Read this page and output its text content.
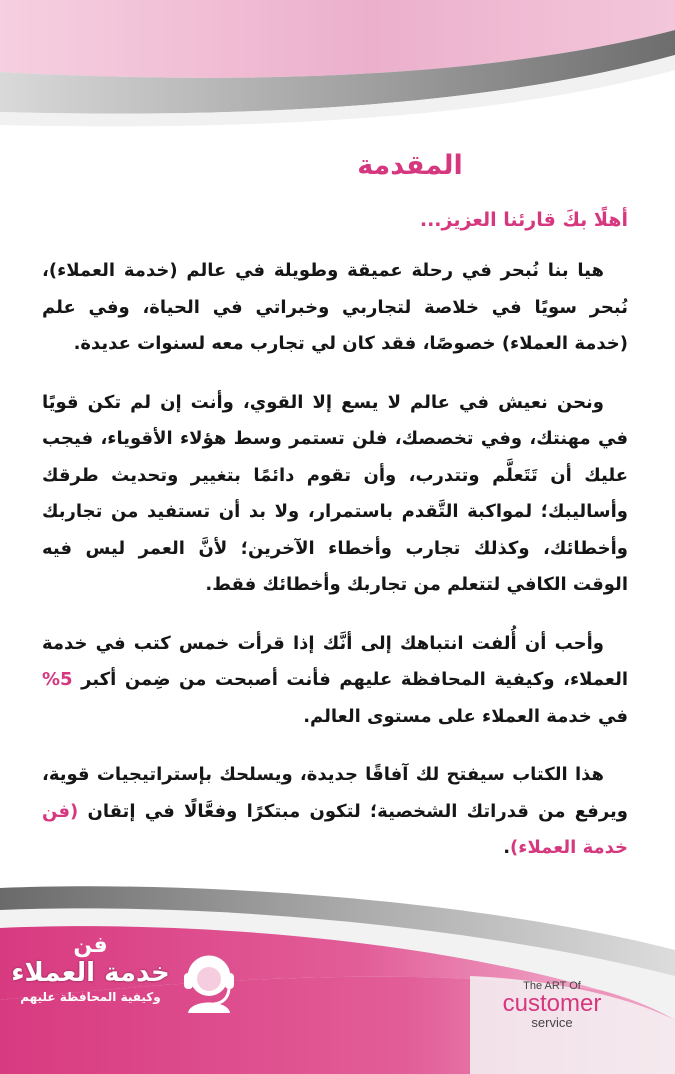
المقدمة
أهلًا بكَ قارئنا العزيز...

هيا بنا نُبحر في رحلة عميقة وطويلة في عالم (خدمة العملاء)، نُبحر سويًا في خلاصة لتجاربي وخبراتي في الحياة، وفي علم (خدمة العملاء) خصوصًا، فقد كان لي تجارب معه لسنوات عديدة.

ونحن نعيش في عالم لا يسع إلا القوي، وأنت إن لم تكن قويًا في مهنتك، وفي تخصصك، فلن تستمر وسط هؤلاء الأقوياء، فيجب عليك أن تَتَعلَّم وتتدرب، وأن تقوم دائمًا بتغيير وتحديث طرقك وأساليبك؛ لمواكبة التَّقدم باستمرار، ولا بد أن تستفيد من تجاربك وأخطائك، وكذلك تجارب وأخطاء الآخرين؛ لأنَّ العمر ليس فيه الوقت الكافي لتتعلم من تجاربك وأخطائك فقط.

وأحب أن أُلفت انتباهك إلى أنَّك إذا قرأت خمس كتب في خدمة العملاء، وكيفية المحافظة عليهم فأنت أصبحت من ضِمن أكبر 5% في خدمة العملاء على مستوى العالم.

هذا الكتاب سيفتح لك آفاقًا جديدة، ويسلحك بإستراتيجيات قوية، ويرفع من قدراتك الشخصية؛ لتكون مبتكرًا وفعَّالًا في إتقان (فن خدمة العملاء).

فن
خدمة العملاء
وكيفية المحافظة عليهم
The ART Of
customer
service
